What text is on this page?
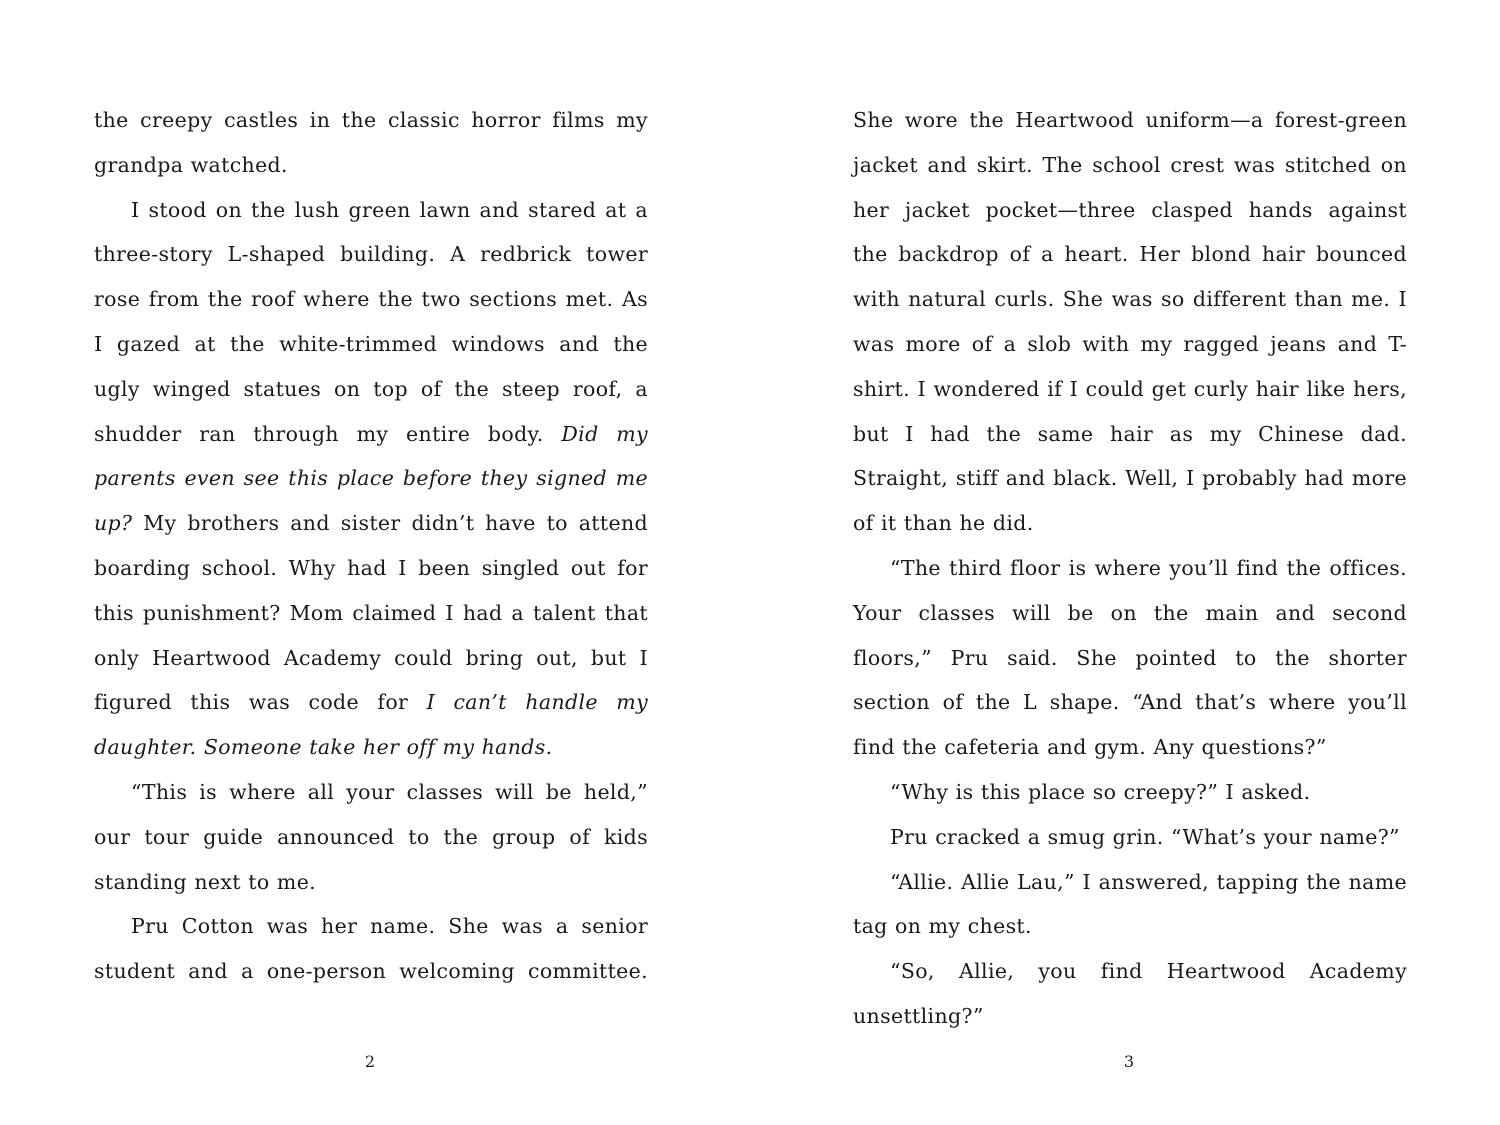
the creepy castles in the classic horror films my grandpa watched.

I stood on the lush green lawn and stared at a three-story L-shaped building. A redbrick tower rose from the roof where the two sections met. As I gazed at the white-trimmed windows and the ugly winged statues on top of the steep roof, a shudder ran through my entire body. Did my parents even see this place before they signed me up? My brothers and sister didn’t have to attend boarding school. Why had I been singled out for this punishment? Mom claimed I had a talent that only Heartwood Academy could bring out, but I figured this was code for I can’t handle my daughter. Someone take her off my hands.

“This is where all your classes will be held,” our tour guide announced to the group of kids standing next to me.

Pru Cotton was her name. She was a senior student and a one-person welcoming committee.

She wore the Heartwood uniform—a forest-green jacket and skirt. The school crest was stitched on her jacket pocket—three clasped hands against the backdrop of a heart. Her blond hair bounced with natural curls. She was so different than me. I was more of a slob with my ragged jeans and T-shirt. I wondered if I could get curly hair like hers, but I had the same hair as my Chinese dad. Straight, stiff and black. Well, I probably had more of it than he did.

“The third floor is where you’ll find the offices. Your classes will be on the main and second floors,” Pru said. She pointed to the shorter section of the L shape. “And that’s where you’ll find the cafeteria and gym. Any questions?”

“Why is this place so creepy?” I asked.

Pru cracked a smug grin. “What’s your name?”

“Allie. Allie Lau,” I answered, tapping the name tag on my chest.

“So, Allie, you find Heartwood Academy unsettling?”

2	3
